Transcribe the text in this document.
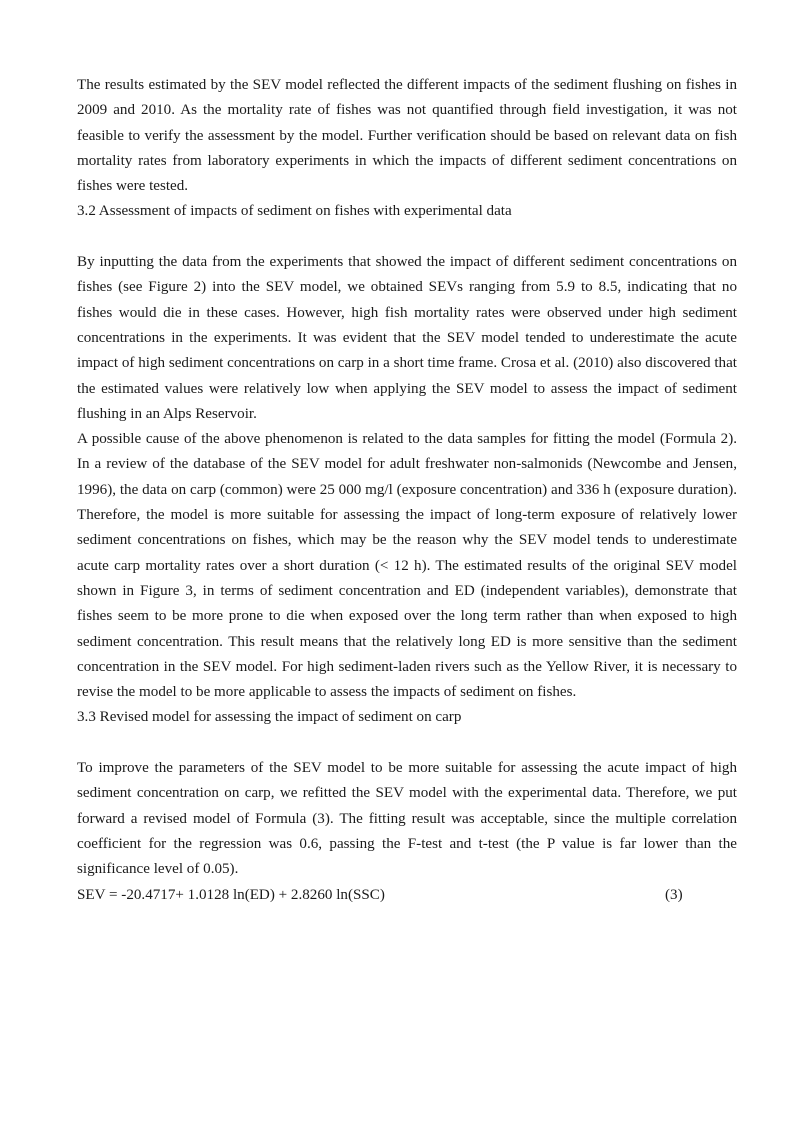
The results estimated by the SEV model reflected the different impacts of the sediment flushing on fishes in 2009 and 2010. As the mortality rate of fishes was not quantified through field investigation, it was not feasible to verify the assessment by the model. Further verification should be based on relevant data on fish mortality rates from laboratory experiments in which the impacts of different sediment concentrations on fishes were tested.

3.2 Assessment of impacts of sediment on fishes with experimental data

By inputting the data from the experiments that showed the impact of different sediment concentrations on fishes (see Figure 2) into the SEV model, we obtained SEVs ranging from 5.9 to 8.5, indicating that no fishes would die in these cases. However, high fish mortality rates were observed under high sediment concentrations in the experiments. It was evident that the SEV model tended to underestimate the acute impact of high sediment concentrations on carp in a short time frame. Crosa et al. (2010) also discovered that the estimated values were relatively low when applying the SEV model to assess the impact of sediment flushing in an Alps Reservoir.

A possible cause of the above phenomenon is related to the data samples for fitting the model (Formula 2). In a review of the database of the SEV model for adult freshwater non-salmonids (Newcombe and Jensen, 1996), the data on carp (common) were 25 000 mg/l (exposure concentration) and 336 h (exposure duration). Therefore, the model is more suitable for assessing the impact of long-term exposure of relatively lower sediment concentrations on fishes, which may be the reason why the SEV model tends to underestimate acute carp mortality rates over a short duration (< 12 h). The estimated results of the original SEV model shown in Figure 3, in terms of sediment concentration and ED (independent variables), demonstrate that fishes seem to be more prone to die when exposed over the long term rather than when exposed to high sediment concentration. This result means that the relatively long ED is more sensitive than the sediment concentration in the SEV model. For high sediment-laden rivers such as the Yellow River, it is necessary to revise the model to be more applicable to assess the impacts of sediment on fishes.

3.3 Revised model for assessing the impact of sediment on carp

To improve the parameters of the SEV model to be more suitable for assessing the acute impact of high sediment concentration on carp, we refitted the SEV model with the experimental data. Therefore, we put forward a revised model of Formula (3). The fitting result was acceptable, since the multiple correlation coefficient for the regression was 0.6, passing the F-test and t-test (the P value is far lower than the significance level of 0.05).

SEV = -20.4717+ 1.0128 ln(ED) + 2.8260 ln(SSC)	(3)
